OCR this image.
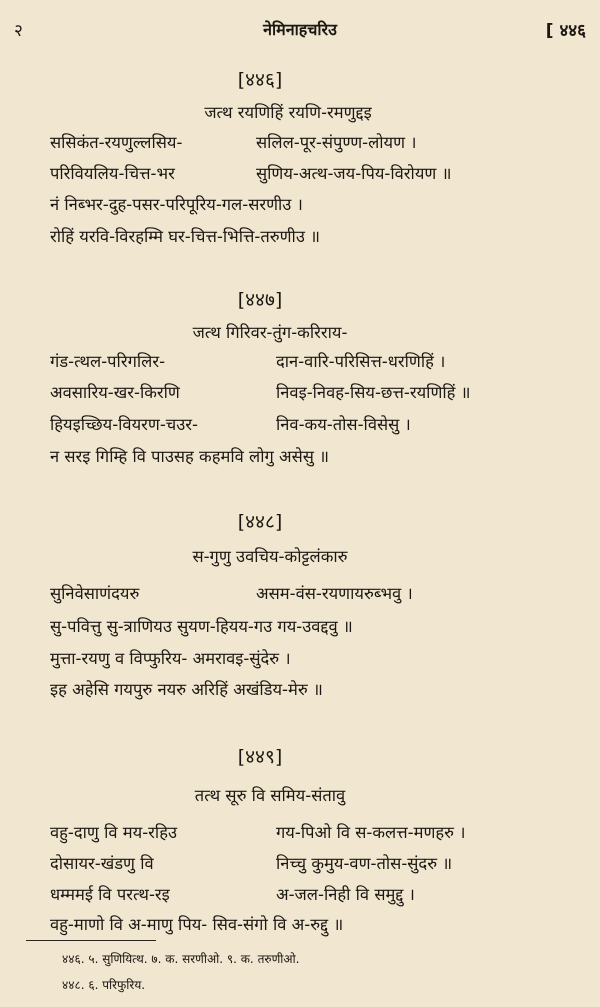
नेमिनाहचरिउ
२	[ ४४६
[४४६]
जत्थ रयणिहिं रयणि-रमणुद्दइ
ससिकंत-रयणुल्लसिय-	सलिल-पूर-संपुण्ण-लोयण ।
परिवियलिय-चित्त-भर	सुणिय-अत्थ-जय-पिय-विरोयण ॥
नं निब्भर-दुह-पसर-परिपूरिय-गल-सरणीउ ।
रोहिं यरवि-विरहम्मि घर-चित्त-भित्ति-तरुणीउ ॥
[४४७]
जत्थ गिरिवर-तुंग-करिराय-
गंड-त्थल-परिगलिर-	दान-वारि-परिसित्त-धरणिहिं ।
अवसारिय-खर-किरणि	निवइ-निवह-सिय-छत्त-रयणिहिं ॥
हियइच्छिय-वियरण-चउर-	निव-कय-तोस-विसेसु ।
न सरइ गिम्हि वि पाउसह कहमवि लोगु असेसु ॥
[४४८]
स-गुणु उवचिय-कोट्टलंकारु
सुनिवेसाणंदयरु	असम-वंस-रयणायरुब्भवु ।
सु-पवित्तु सु-त्राणियउ सुयण-हियय-गउ गय-उवद्दवु ॥
मुत्ता-रयणु व विप्फुरिय- अमरावइ-सुंदेरु ।
इह अहेसि गयपुरु नयरु अरिहिं अखंडिय-मेरु ॥
[४४९]
तत्थ सूरु वि समिय-संतावु
वहु-दाणु वि मय-रहिउ	गय-पिओ वि स-कलत्त-मणहरु ।
दोसायर-खंडणु वि	निच्चु कुमुय-वण-तोस-सुंदरु ॥
धम्ममई वि परत्थ-रइ	अ-जल-निही वि समुद्दु ।
वहु-माणो वि अ-माणु पिय- सिव-संगो वि अ-रुद्दु ॥
४४६. ५. सुणियित्थ. ७. क. सरणीओ. ९. क. तरुणीओ.
४४८. ६. परिफुरिय.
